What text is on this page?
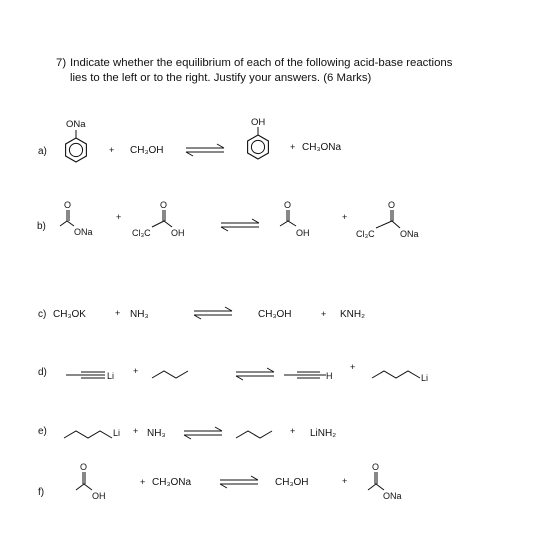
7) Indicate whether the equilibrium of each of the following acid-base reactions
lies to the left or to the right. Justify your answers. (6 Marks)
a)
ONa
+ CH₃OH
OH
+ CH₃ONa
b)
O
ONa
+
Cl₃C
O
OH
O
OH
+
Cl₃C
O
ONa
c) CH₃OK	+ NH₃	CH₃OH	+ KNH₂
d)	Li +	H
+
Li
e)	Li + NH₃	+ LiNH₂
f)
O
OH
+ CH₃ONa	CH₃OH	+
O
ONa
